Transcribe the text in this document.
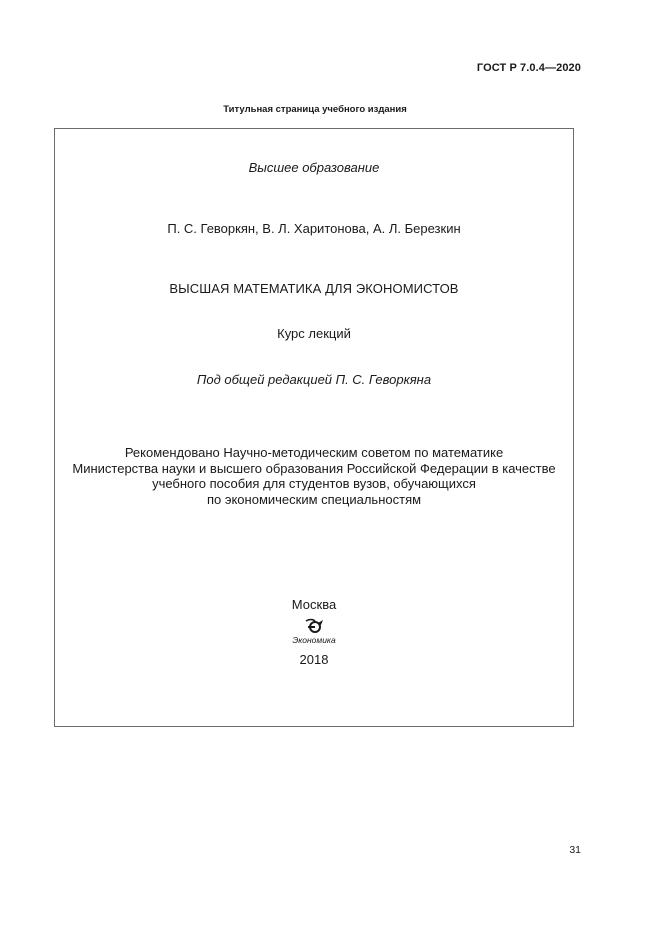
ГОСТ Р 7.0.4—2020
Титульная страница учебного издания
Высшее образование
П. С. Геворкян, В. Л. Харитонова, А. Л. Березкин
ВЫСШАЯ МАТЕМАТИКА ДЛЯ ЭКОНОМИСТОВ
Курс лекций
Под общей редакцией П. С. Геворкяна
Рекомендовано Научно-методическим советом по математике
Министерства науки и высшего образования Российской Федерации в качестве
учебного пособия для студентов вузов, обучающихся
по экономическим специальностям
Москва
Экономика
2018
31
